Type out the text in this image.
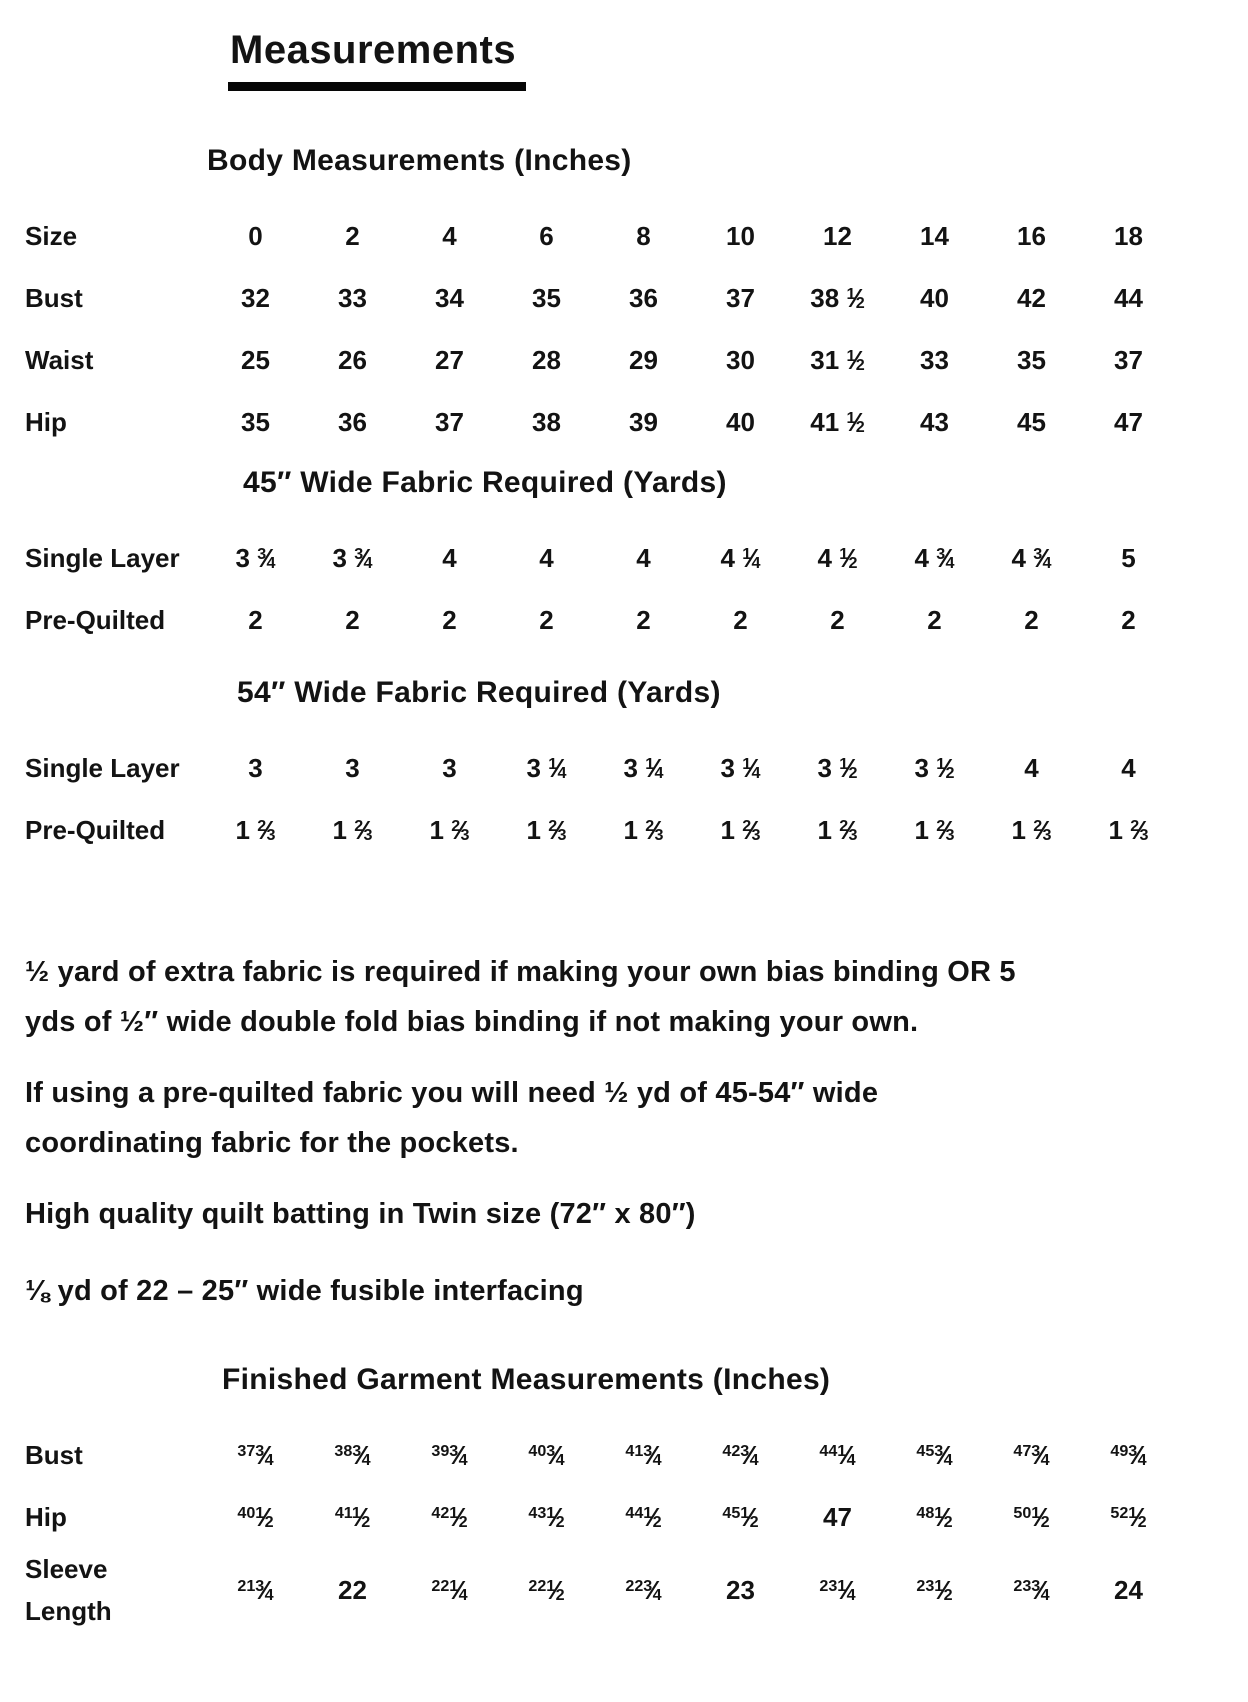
Measurements
Body Measurements (Inches)
Size	0	2	4	6	8	10	12	14	16	18
Bust	32	33	34	35	36	37	38 $^1⁄_2$	40	42	44
Waist	25	26	27	28	29	30	31 $^1⁄_2$	33	35	37
Hip	35	36	37	38	39	40	41 $^1⁄_2$	43	45	47
45″ Wide Fabric Required (Yards)
Single Layer	3 $^3⁄_4$	3 $^3⁄_4$	4	4	4	4 $^1⁄_4$	4 $^1⁄_2$	4 $^3⁄_4$	4 $^3⁄_4$	5
Pre-Quilted	2	2	2	2	2	2	2	2	2	2
54″ Wide Fabric Required (Yards)
Single Layer	3	3	3	3 $^1⁄_4$	3 $^1⁄_4$	3 $^1⁄_4$	3 $^1⁄_2$	3 $^1⁄_2$	4	4
Pre-Quilted	1 $^2⁄_3$	1 $^2⁄_3$	1 $^2⁄_3$	1 $^2⁄_3$	1 $^2⁄_3$	1 $^2⁄_3$	1 $^2⁄_3$	1 $^2⁄_3$	1 $^2⁄_3$	1 $^2⁄_3$

½ yard of extra fabric is required if making your own bias binding OR 5
yds of ½″ wide double fold bias binding if not making your own.

If using a pre-quilted fabric you will need ½ yd of 45-54″ wide
coordinating fabric for the pockets.

High quality quilt batting in Twin size (72″ x 80″)

⅛ yd of 22 – 25″ wide fusible interfacing

Finished Garment Measurements (Inches)
Bust	$^{373}⁄_4$	$^{383}⁄_4$	$^{393}⁄_4$	$^{403}⁄_4$	$^{413}⁄_4$	$^{423}⁄_4$	$^{441}⁄_4$	$^{453}⁄_4$	$^{473}⁄_4$	$^{493}⁄_4$
Hip	$^{401}⁄_2$	$^{411}⁄_2$	$^{421}⁄_2$	$^{431}⁄_2$	$^{441}⁄_2$	$^{451}⁄_2$	47	$^{481}⁄_2$	$^{501}⁄_2$	$^{521}⁄_2$
Sleeve
Length	$^{213}⁄_4$	22	$^{221}⁄_4$	$^{221}⁄_2$	$^{223}⁄_4$	23	$^{231}⁄_4$	$^{231}⁄_2$	$^{233}⁄_4$	24
